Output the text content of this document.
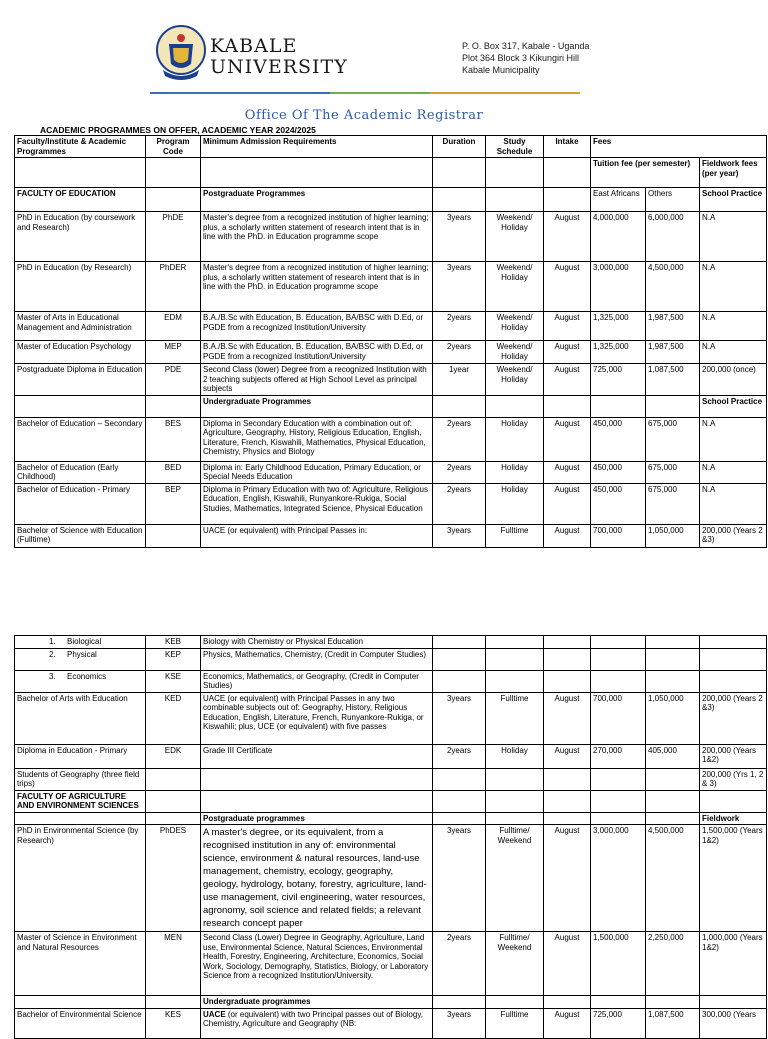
KABALE
UNIVERSITY
P. O. Box 317, Kabale - Uganda
Plot 364 Block 3 Kikungiri Hill
Kabale Municipality
Office Of The Academic Registrar
ACADEMIC PROGRAMMES ON OFFER, ACADEMIC YEAR 2024/2025
Faculty/Institute & Academic Programmes	Program Code	Minimum Admission Requirements	Duration	Study Schedule	Intake	Fees		
						Tuition fee (per semester)		Fieldwork fees (per year)
FACULTY OF EDUCATION		Postgraduate Programmes				East Africans	Others	School Practice
PhD in Education (by coursework and Research)	PhDE	Master's degree from a recognized institution of higher learning; plus, a scholarly written statement of research intent that is in line with the PhD. in Education programme scope	3years	Weekend/ Holiday	August	4,000,000	6,000,000	N.A
PhD in Education (by Research)	PhDER	Master's degree from a recognized institution of higher learning; plus, a scholarly written statement of research intent that is in line with the PhD. in Education programme scope	3years	Weekend/ Holiday	August	3,000,000	4,500,000	N.A
Master of Arts in Educational Management and Administration	EDM	B.A./B.Sc with Education, B. Education, BA/BSC with D.Ed, or PGDE from a recognized Institution/University	2years	Weekend/ Holiday	August	1,325,000	1,987,500	N.A
Master of Education Psychology	MEP	B.A./B.Sc with Education, B. Education, BA/BSC with D.Ed, or PGDE from a recognized Institution/University	2years	Weekend/ Holiday	August	1,325,000	1,987,500	N.A
Postgraduate Diploma in Education	PDE	Second Class (lower) Degree from a recognized Institution with 2 teaching subjects offered at High School Level as principal subjects	1year	Weekend/ Holiday	August	725,000	1,087,500	200,000 (once)
		Undergraduate Programmes						School Practice
Bachelor of Education – Secondary	BES	Diploma in Secondary Education with a combination out of: Agriculture, Geography, History, Religious Education, English, Literature, French, Kiswahili, Mathematics, Physical Education, Chemistry, Physics and Biology	2years	Holiday	August	450,000	675,000	N.A
Bachelor of Education (Early Childhood)	BED	Diploma in: Early Childhood Education, Primary Education, or Special Needs Education	2years	Holiday	August	450,000	675,000	N.A
Bachelor of Education - Primary	BEP	Diploma in Primary Education with two of: Agriculture, Religious Education, English, Kiswahili, Runyankore-Rukiga, Social Studies, Mathematics, Integrated Science, Physical Education	2years	Holiday	August	450,000	675,000	N.A
Bachelor of Science with Education (Fulltime)		UACE (or equivalent) with Principal Passes in:	3years	Fulltime	August	700,000	1,050,000	200,000 (Years 2 &3)
1. Biological	KEB	Biology with Chemistry or Physical Education						
2. Physical	KEP	Physics, Mathematics, Chemistry, (Credit in Computer Studies)						
3. Economics	KSE	Economics, Mathematics, or Geography, (Credit in Computer Studies)						
Bachelor of Arts with Education	KED	UACE (or equivalent) with Principal Passes in any two combinable subjects out of: Geography, History, Religious Education, English, Literature, French, Runyankore-Rukiga, or Kiswahili; plus, UCE (or equivalent) with five passes	3years	Fulltime	August	700,000	1,050,000	200,000 (Years 2 &3)
Diploma in Education - Primary	EDK	Grade III Certificate	2years	Holiday	August	270,000	405,000	200,000 (Years 1&2)
Students of Geography (three field trips)								200,000 (Yrs 1, 2 & 3)
FACULTY OF AGRICULTURE AND ENVIRONMENT SCIENCES								
		Postgraduate programmes						Fieldwork
PhD in Environmental Science (by Research)	PhDES	A master's degree, or its equivalent, from a recognised institution in any of: environmental science, environment & natural resources, land-use management, chemistry, ecology, geography, geology, hydrology, botany, forestry, agriculture, land-use management, civil engineering, water resources, agronomy, soil science and related fields; a relevant research concept paper	3years	Fulltime/ Weekend	August	3,000,000	4,500,000	1,500,000 (Years 1&2)
Master of Science in Environment and Natural Resources	MEN	Second Class (Lower) Degree in Geography, Agriculture, Land use, Environmental Science, Natural Sciences, Environmental Health, Forestry, Engineering, Architecture, Economics, Social Work, Sociology, Demography, Statistics, Biology, or Laboratory Science from a recognized Institution/University.	2years	Fulltime/ Weekend	August	1,500,000	2,250,000	1,000,000 (Years 1&2)
		Undergraduate programmes						
Bachelor of Environmental Science	KES	UACE (or equivalent) with two Principal passes out of Biology, Chemistry, Agriculture and Geography (NB:	3years	Fulltime	August	725,000	1,087,500	300,000 (Years
